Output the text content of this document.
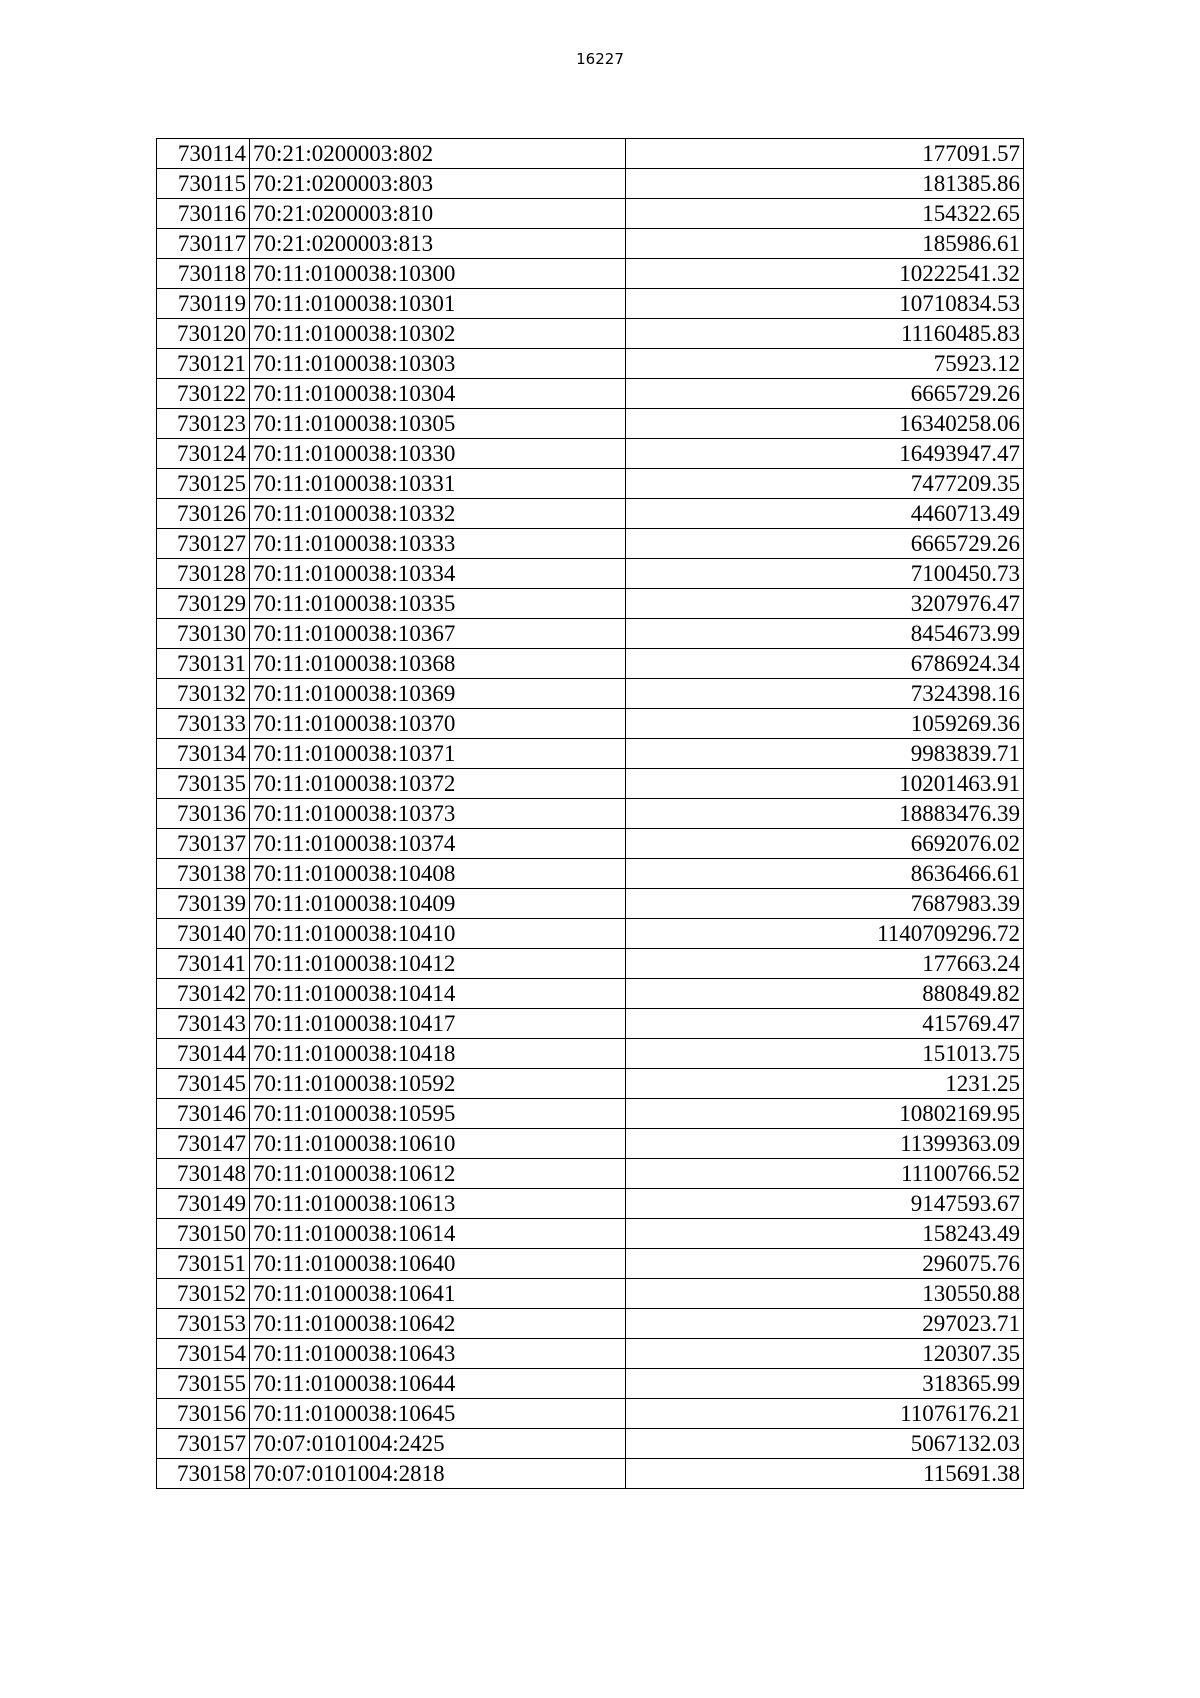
16227
730114	70:21:0200003:802	177091.57
730115	70:21:0200003:803	181385.86
730116	70:21:0200003:810	154322.65
730117	70:21:0200003:813	185986.61
730118	70:11:0100038:10300	10222541.32
730119	70:11:0100038:10301	10710834.53
730120	70:11:0100038:10302	11160485.83
730121	70:11:0100038:10303	75923.12
730122	70:11:0100038:10304	6665729.26
730123	70:11:0100038:10305	16340258.06
730124	70:11:0100038:10330	16493947.47
730125	70:11:0100038:10331	7477209.35
730126	70:11:0100038:10332	4460713.49
730127	70:11:0100038:10333	6665729.26
730128	70:11:0100038:10334	7100450.73
730129	70:11:0100038:10335	3207976.47
730130	70:11:0100038:10367	8454673.99
730131	70:11:0100038:10368	6786924.34
730132	70:11:0100038:10369	7324398.16
730133	70:11:0100038:10370	1059269.36
730134	70:11:0100038:10371	9983839.71
730135	70:11:0100038:10372	10201463.91
730136	70:11:0100038:10373	18883476.39
730137	70:11:0100038:10374	6692076.02
730138	70:11:0100038:10408	8636466.61
730139	70:11:0100038:10409	7687983.39
730140	70:11:0100038:10410	1140709296.72
730141	70:11:0100038:10412	177663.24
730142	70:11:0100038:10414	880849.82
730143	70:11:0100038:10417	415769.47
730144	70:11:0100038:10418	151013.75
730145	70:11:0100038:10592	1231.25
730146	70:11:0100038:10595	10802169.95
730147	70:11:0100038:10610	11399363.09
730148	70:11:0100038:10612	11100766.52
730149	70:11:0100038:10613	9147593.67
730150	70:11:0100038:10614	158243.49
730151	70:11:0100038:10640	296075.76
730152	70:11:0100038:10641	130550.88
730153	70:11:0100038:10642	297023.71
730154	70:11:0100038:10643	120307.35
730155	70:11:0100038:10644	318365.99
730156	70:11:0100038:10645	11076176.21
730157	70:07:0101004:2425	5067132.03
730158	70:07:0101004:2818	115691.38
